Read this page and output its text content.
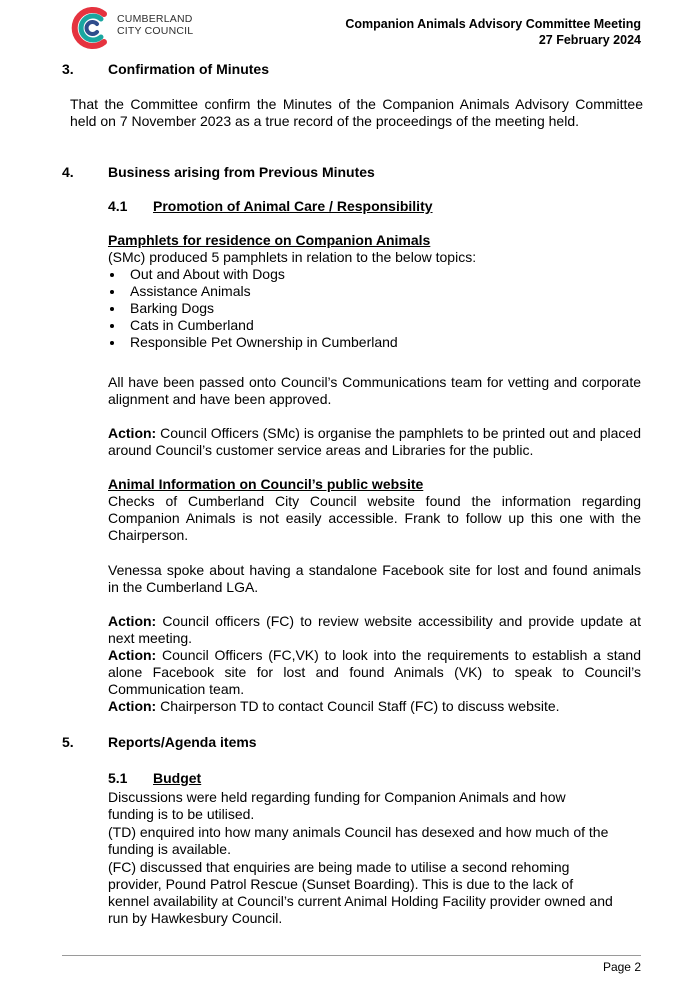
CUMBERLAND
CITY COUNCIL	Companion Animals Advisory Committee Meeting
27 February 2024
3. Confirmation of Minutes
That the Committee confirm the Minutes of the Companion Animals Advisory Committee held on 7 November 2023 as a true record of the proceedings of the meeting held.
4. Business arising from Previous Minutes
4.1 Promotion of Animal Care / Responsibility
Pamphlets for residence on Companion Animals
(SMc) produced 5 pamphlets in relation to the below topics:
Out and About with Dogs
Assistance Animals
Barking Dogs
Cats in Cumberland
Responsible Pet Ownership in Cumberland
All have been passed onto Council’s Communications team for vetting and corporate alignment and have been approved.
Action: Council Officers (SMc) is organise the pamphlets to be printed out and placed around Council’s customer service areas and Libraries for the public.
Animal Information on Council’s public website
Checks of Cumberland City Council website found the information regarding Companion Animals is not easily accessible. Frank to follow up this one with the Chairperson.
Venessa spoke about having a standalone Facebook site for lost and found animals in the Cumberland LGA.
Action: Council officers (FC) to review website accessibility and provide update at next meeting.
Action: Council Officers (FC,VK) to look into the requirements to establish a stand alone Facebook site for lost and found Animals (VK) to speak to Council’s Communication team.
Action: Chairperson TD to contact Council Staff (FC) to discuss website.
5. Reports/Agenda items
5.1 Budget
Discussions were held regarding funding for Companion Animals and how funding is to be utilised.
(TD) enquired into how many animals Council has desexed and how much of the funding is available.
(FC) discussed that enquiries are being made to utilise a second rehoming provider, Pound Patrol Rescue (Sunset Boarding). This is due to the lack of kennel availability at Council’s current Animal Holding Facility provider owned and run by Hawkesbury Council.
Page 2
